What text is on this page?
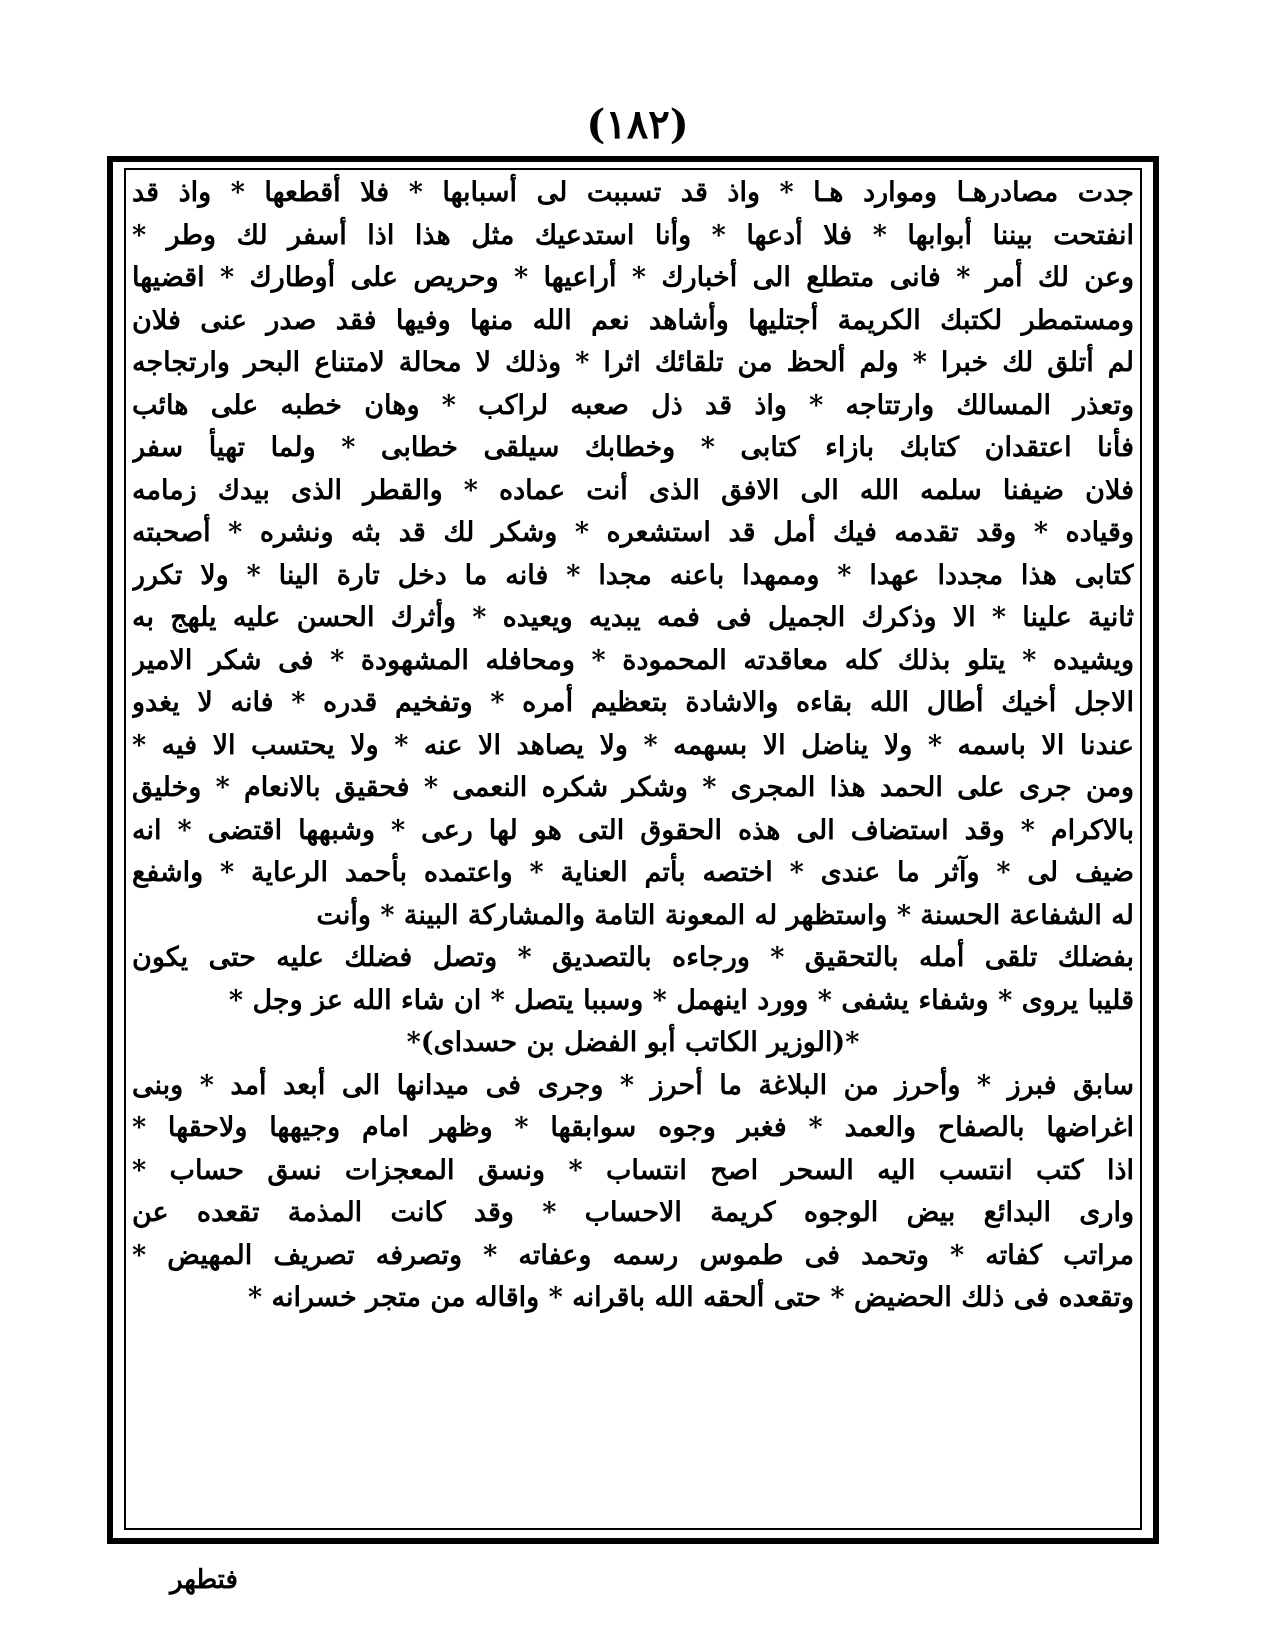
(١٨٢)
جدت مصادرهـا وموارد هـا * واذ قد تسببت لى أسبابها * فلا أقطعها * واذ قد
انفتحت بيننا أبوابها * فلا أدعها * وأنا استدعيك مثل هذا اذا أسفر لك وطر *
وعن لك أمر * فانى متطلع الى أخبارك * أراعيها * وحريص على أوطارك * اقضيها
ومستمطر لكتبك الكريمة أجتليها وأشاهد نعم الله منها وفيها فقد صدر عنى فلان
لم أتلق لك خبرا * ولم ألحظ من تلقائك اثرا * وذلك لا محالة لامتناع البحر وارتجاجه
وتعذر المسالك وارتتاجه * واذ قد ذل صعبه لراكب * وهان خطبه على هائب
فأنا اعتقدان كتابك بازاء كتابى * وخطابك سيلقى خطابى * ولما تهيأ سفر
فلان ضيفنا سلمه الله الى الافق الذى أنت عماده * والقطر الذى بيدك زمامه
وقياده * وقد تقدمه فيك أمل قد استشعره * وشكر لك قد بثه ونشره * أصحبته
كتابى هذا مجددا عهدا * وممهدا باعنه مجدا * فانه ما دخل تارة الينا * ولا تكرر
ثانية علينا * الا وذكرك الجميل فى فمه يبديه ويعيده * وأثرك الحسن عليه يلهج به
ويشيده * يتلو بذلك كله معاقدته المحمودة * ومحافله المشهودة * فى شكر الامير
الاجل أخيك أطال الله بقاءه والاشادة بتعظيم أمره * وتفخيم قدره * فانه لا يغدو
عندنا الا باسمه * ولا يناضل الا بسهمه * ولا يصاهد الا عنه * ولا يحتسب الا فيه *
ومن جرى على الحمد هذا المجرى * وشكر شكره النعمى * فحقيق بالانعام * وخليق
بالاكرام * وقد استضاف الى هذه الحقوق التى هو لها رعى * وشبهها اقتضى * انه
ضيف لى * وآثر ما عندى * اختصه بأتم العناية * واعتمده بأحمد الرعاية * واشفع
له الشفاعة الحسنة * واستظهر له المعونة التامة والمشاركة البينة * وأنت
بفضلك تلقى أمله بالتحقيق * ورجاءه بالتصديق * وتصل فضلك عليه حتى يكون
قليبا يروى * وشفاء يشفى * وورد اينهمل * وسببا يتصل * ان شاء الله عز وجل *
*(الوزير الكاتب أبو الفضل بن حسداى)*
سابق فبرز * وأحرز من البلاغة ما أحرز * وجرى فى ميدانها الى أبعد أمد * وبنى
اغراضها بالصفاح والعمد * فغبر وجوه سوابقها * وظهر امام وجيهها ولاحقها *
اذا كتب انتسب اليه السحر اصح انتساب * ونسق المعجزات نسق حساب *
وارى البدائع بيض الوجوه كريمة الاحساب * وقد كانت المذمة تقعده عن
مراتب كفاته * وتحمد فى طموس رسمه وعفاته * وتصرفه تصريف المهيض *
وتقعده فى ذلك الحضيض * حتى ألحقه الله باقرانه * واقاله من متجر خسرانه *
فتطهر
